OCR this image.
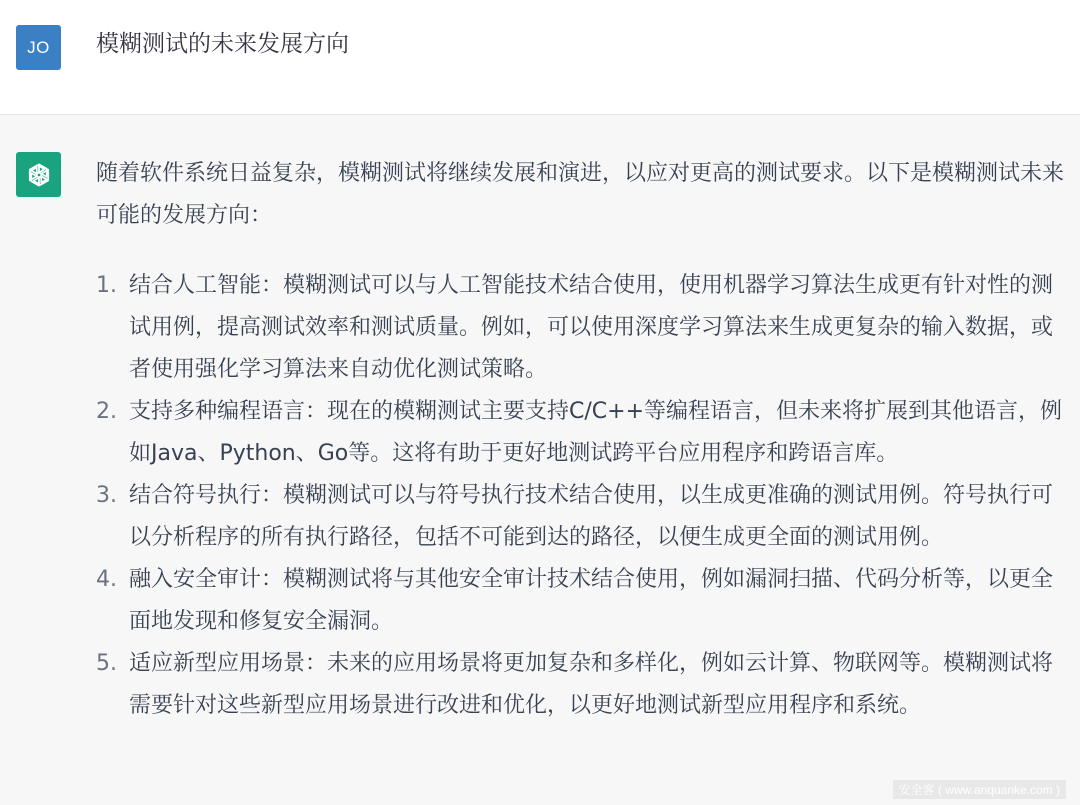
JO 模糊测试的未来发展方向

随着软件系统日益复杂，模糊测试将继续发展和演进，以应对更高的测试要求。以下是模糊测试未来可能的发展方向：

1. 结合人工智能：模糊测试可以与人工智能技术结合使用，使用机器学习算法生成更有针对性的测试用例，提高测试效率和测试质量。例如，可以使用深度学习算法来生成更复杂的输入数据，或者使用强化学习算法来自动优化测试策略。
2. 支持多种编程语言：现在的模糊测试主要支持C/C++等编程语言，但未来将扩展到其他语言，例如Java、Python、Go等。这将有助于更好地测试跨平台应用程序和跨语言库。
3. 结合符号执行：模糊测试可以与符号执行技术结合使用，以生成更准确的测试用例。符号执行可以分析程序的所有执行路径，包括不可能到达的路径，以便生成更全面的测试用例。
4. 融入安全审计：模糊测试将与其他安全审计技术结合使用，例如漏洞扫描、代码分析等，以更全面地发现和修复安全漏洞。
5. 适应新型应用场景：未来的应用场景将更加复杂和多样化，例如云计算、物联网等。模糊测试将需要针对这些新型应用场景进行改进和优化，以更好地测试新型应用程序和系统。
安全客 ( www.anquanke.com )
